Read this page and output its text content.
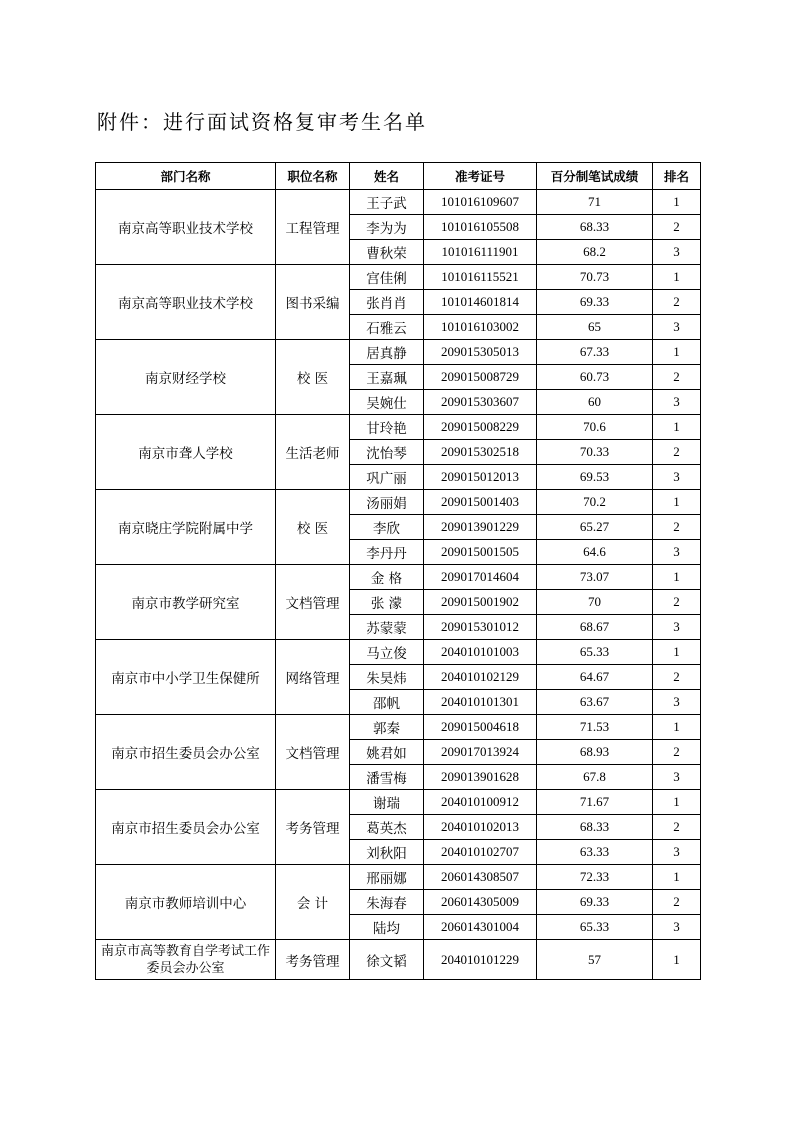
附件：进行面试资格复审考生名单
部门名称	职位名称	姓名	准考证号	百分制笔试成绩	排名
南京高等职业技术学校	工程管理	王子武	101016109607	71	1
		李为为	101016105508	68.33	2
		曹秋荣	101016111901	68.2	3
南京高等职业技术学校	图书采编	宫佳俐	101016115521	70.73	1
		张肖肖	101014601814	69.33	2
		石雅云	101016103002	65	3
南京财经学校	校 医	居真静	209015305013	67.33	1
		王嘉珮	209015008729	60.73	2
		吴婉仕	209015303607	60	3
南京市聋人学校	生活老师	甘玲艳	209015008229	70.6	1
		沈怡琴	209015302518	70.33	2
		巩广丽	209015012013	69.53	3
南京晓庄学院附属中学	校 医	汤丽娟	209015001403	70.2	1
		李欣	209013901229	65.27	2
		李丹丹	209015001505	64.6	3
南京市教学研究室	文档管理	金 格	209017014604	73.07	1
		张 濛	209015001902	70	2
		苏蒙蒙	209015301012	68.67	3
南京市中小学卫生保健所	网络管理	马立俊	204010101003	65.33	1
		朱昊炜	204010102129	64.67	2
		邵帆	204010101301	63.67	3
南京市招生委员会办公室	文档管理	郭秦	209015004618	71.53	1
		姚君如	209017013924	68.93	2
		潘雪梅	209013901628	67.8	3
南京市招生委员会办公室	考务管理	谢瑞	204010100912	71.67	1
		葛英杰	204010102013	68.33	2
		刘秋阳	204010102707	63.33	3
南京市教师培训中心	会 计	邢丽娜	206014308507	72.33	1
		朱海春	206014305009	69.33	2
		陆均	206014301004	65.33	3
南京市高等教育自学考试工作委员会办公室	考务管理	徐文韬	204010101229	57	1
